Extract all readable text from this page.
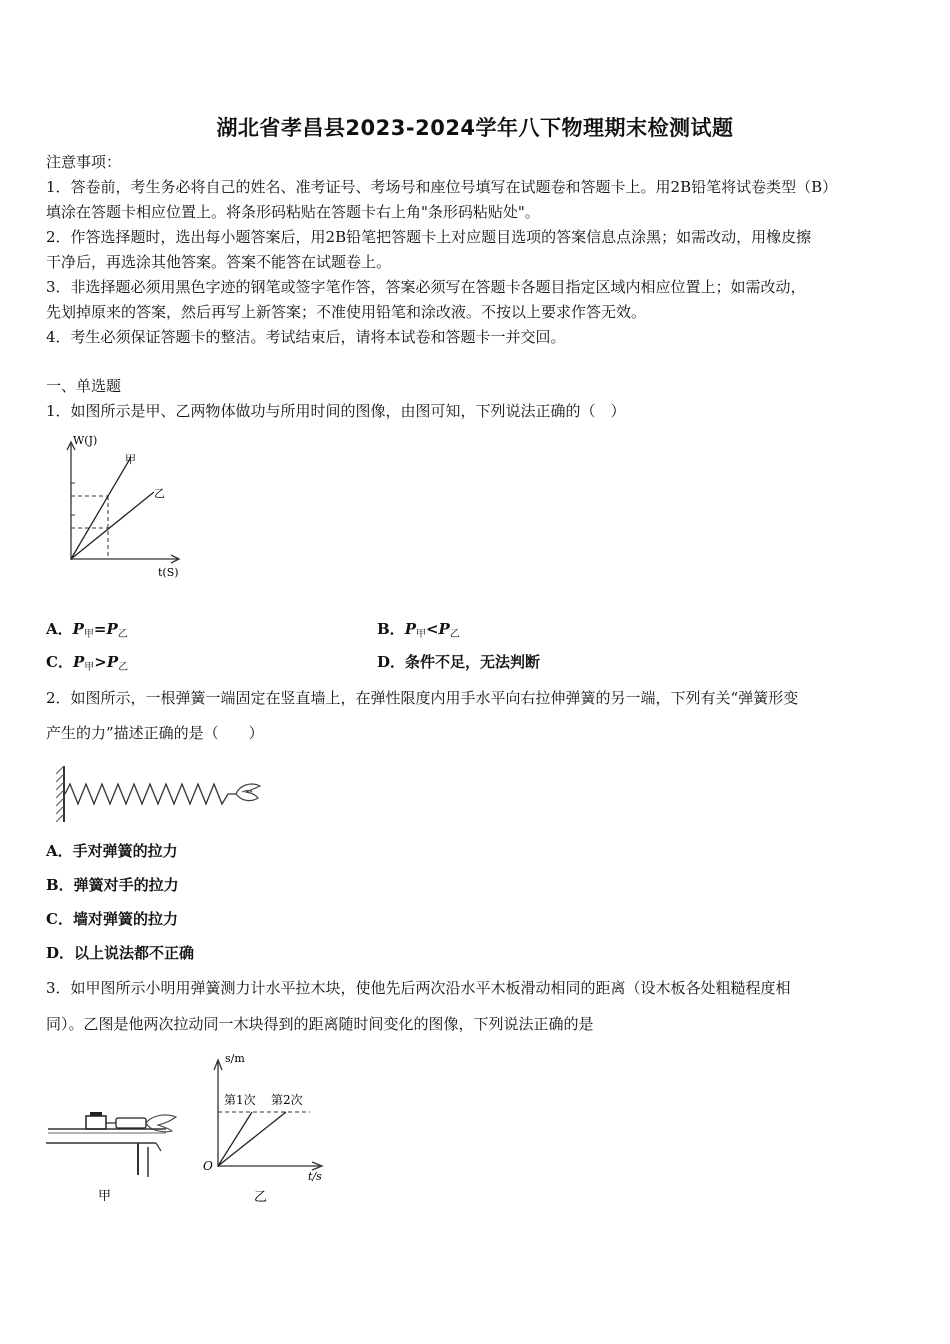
湖北省孝昌县2023-2024学年八下物理期末检测试题
注意事项：
1．答卷前，考生务必将自己的姓名、准考证号、考场号和座位号填写在试题卷和答题卡上。用2B铅笔将试卷类型（B）
填涂在答题卡相应位置上。将条形码粘贴在答题卡右上角"条形码粘贴处"。
2．作答选择题时，选出每小题答案后，用2B铅笔把答题卡上对应题目选项的答案信息点涂黑；如需改动，用橡皮擦
干净后，再选涂其他答案。答案不能答在试题卷上。
3．非选择题必须用黑色字迹的钢笔或签字笔作答，答案必须写在答题卡各题目指定区域内相应位置上；如需改动，
先划掉原来的答案，然后再写上新答案；不准使用铅笔和涂改液。不按以上要求作答无效。
4．考生必须保证答题卡的整洁。考试结束后，请将本试卷和答题卡一并交回。
一、单选题
1．如图所示是甲、乙两物体做功与所用时间的图像，由图可知，下列说法正确的（　）
W(J)
t(S)
甲
乙
A．$P_甲=P_乙$	B．$P_甲<P_乙$
C．$P_甲>P_乙$	D．条件不足，无法判断
2．如图所示，一根弹簧一端固定在竖直墙上，在弹性限度内用手水平向右拉伸弹簧的另一端，下列有关“弹簧形变
产生的力”描述正确的是（　　）
A．手对弹簧的拉力
B．弹簧对手的拉力
C．墙对弹簧的拉力
D．以上说法都不正确
3．如甲图所示小明用弹簧测力计水平拉木块，使他先后两次沿水平木板滑动相同的距离（设木板各处粗糙程度相
同）。乙图是他两次拉动同一木块得到的距离随时间变化的图像，下列说法正确的是
甲
s/m
t/s
O
第1次 第2次
乙
